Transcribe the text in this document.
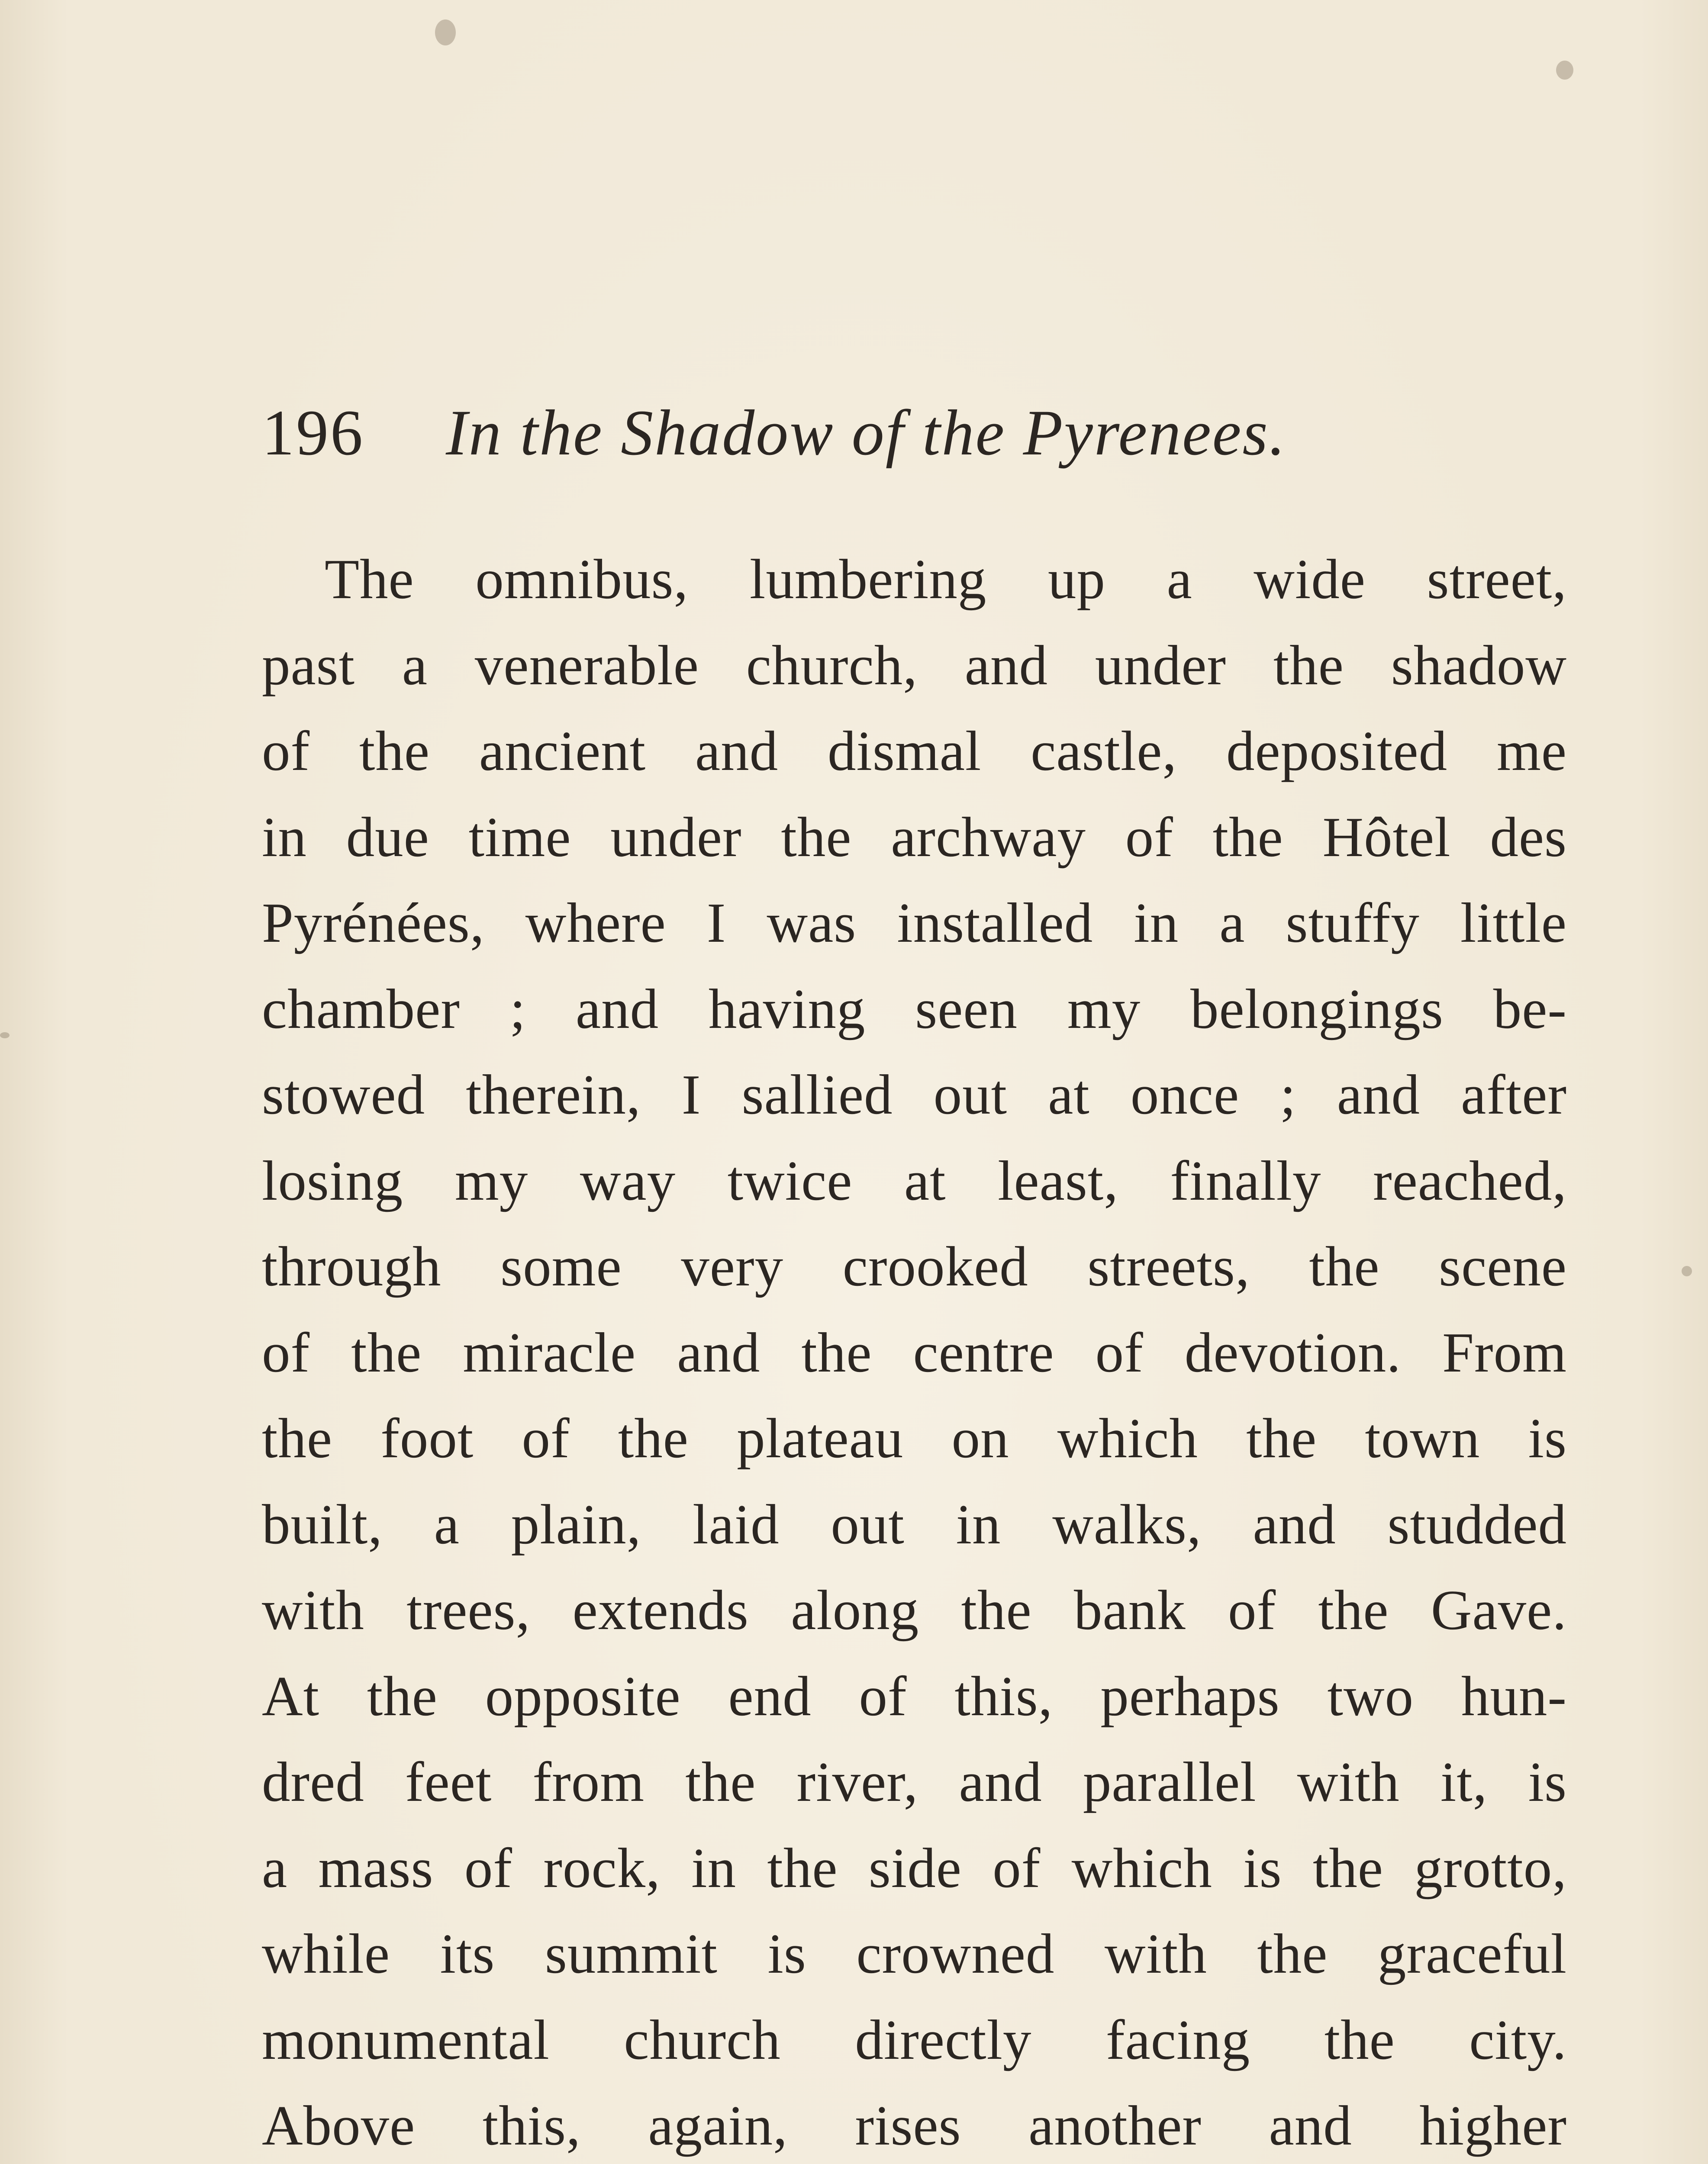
196 In the Shadow of the Pyrenees.
The omnibus, lumbering up a wide street,
past a venerable church, and under the shadow
of the ancient and dismal castle, deposited me
in due time under the archway of the Hôtel des
Pyrénées, where I was installed in a stuffy little
chamber ; and having seen my belongings be-
stowed therein, I sallied out at once ; and after
losing my way twice at least, finally reached,
through some very crooked streets, the scene
of the miracle and the centre of devotion. From
the foot of the plateau on which the town is
built, a plain, laid out in walks, and studded
with trees, extends along the bank of the Gave.
At the opposite end of this, perhaps two hun-
dred feet from the river, and parallel with it, is
a mass of rock, in the side of which is the grotto,
while its summit is crowned with the graceful
monumental church directly facing the city.
Above this, again, rises another and higher
